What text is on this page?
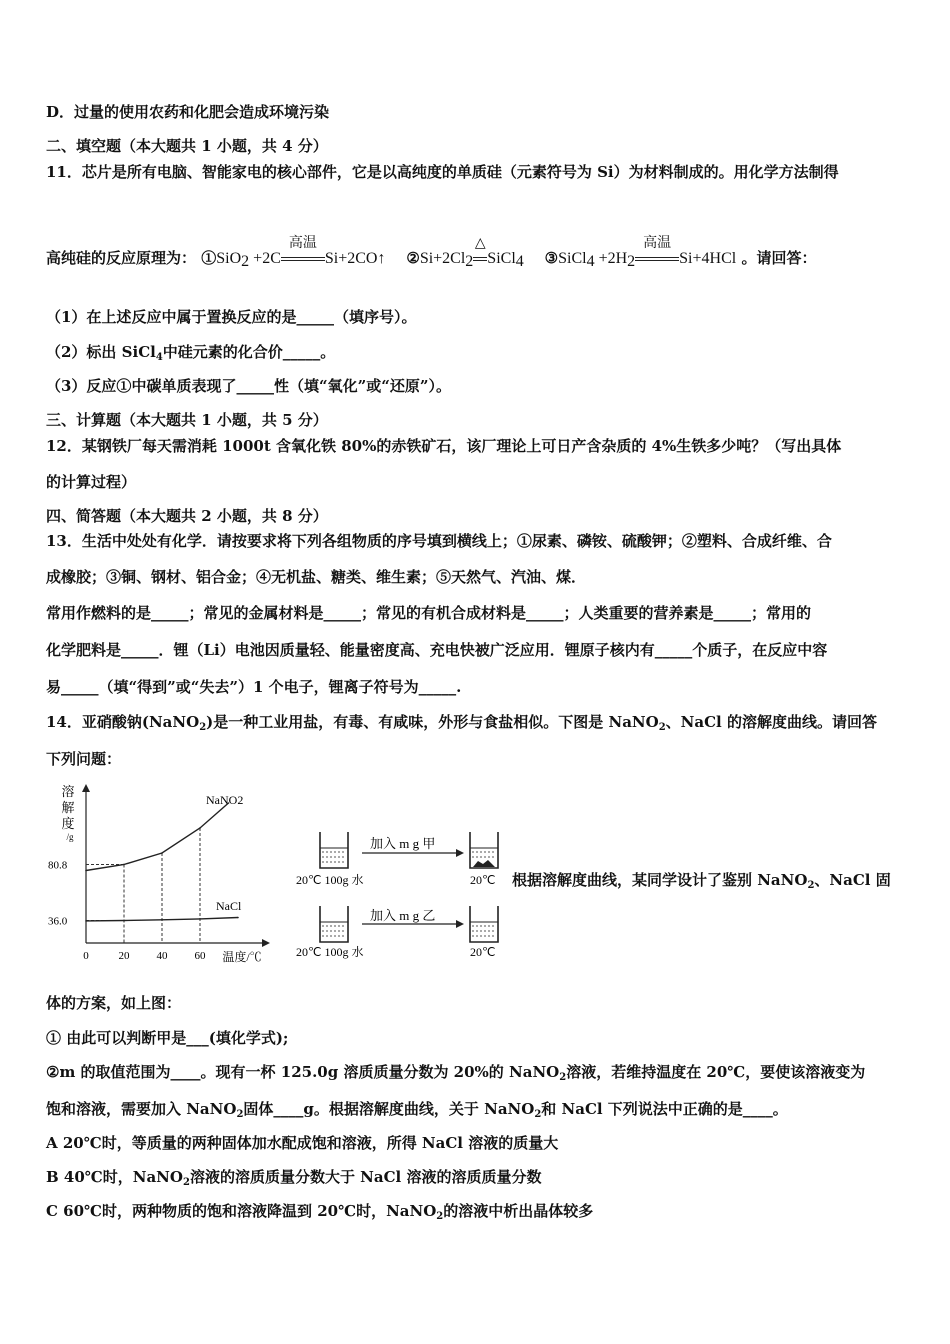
D．过量的使用农药和化肥会造成环境污染
二、填空题（本大题共 1 小题，共 4 分）
11．芯片是所有电脑、智能家电的核心部件，它是以高纯度的单质硅（元素符号为 Si）为材料制成的。用化学方法制得
高纯硅的反应原理为： ①SiO2 +2C
高温
Si+2CO↑ ②Si+2Cl2
△
SiCl4 ③SiCl4 +2H2
高温
Si+4HCl 。请回答：
（1）在上述反应中属于置换反应的是_____（填序号）。
（2）标出 SiCl$_4$中硅元素的化合价_____。
（3）反应①中碳单质表现了_____性（填“氧化”或“还原”）。
三、计算题（本大题共 1 小题，共 5 分）
12．某钢铁厂每天需消耗 1000t 含氧化铁 80%的赤铁矿石，该厂理论上可日产含杂质的 4%生铁多少吨？（写出具体
的计算过程）
四、简答题（本大题共 2 小题，共 8 分）
13．生活中处处有化学．请按要求将下列各组物质的序号填到横线上；①尿素、磷铵、硫酸钾；②塑料、合成纤维、合
成橡胶；③铜、钢材、铝合金；④无机盐、糖类、维生素；⑤天然气、汽油、煤．
常用作燃料的是_____；常见的金属材料是_____；常见的有机合成材料是_____；人类重要的营养素是_____；常用的
化学肥料是_____．锂（Li）电池因质量轻、能量密度高、充电快被广泛应用．锂原子核内有_____个质子，在反应中容
易_____（填“得到”或“失去”）1 个电子，锂离子符号为_____.
14．亚硝酸钠(NaNO$_2$)是一种工业用盐，有毒、有咸味，外形与食盐相似。下图是 NaNO$_2$、NaCl 的溶解度曲线。请回答
下列问题：
溶
解
度
/g
0	20 40 60 温度/℃
36.0
80.8
NaNO2
NaCl
加入 m g 甲
20℃ 100g 水	20℃
加入 m g 乙
20℃ 100g 水	20℃
根据溶解度曲线，某同学设计了鉴别 NaNO$_2$、NaCl 固
体的方案，如上图：
① 由此可以判断甲是___(填化学式);
②m 的取值范围为____。现有一杯 125.0g 溶质质量分数为 20%的 NaNO$_2$溶液，若维持温度在 20℃，要使该溶液变为
饱和溶液，需要加入 NaNO$_2$固体____g。根据溶解度曲线，关于 NaNO$_2$和 NaCl 下列说法中正确的是____。
A 20℃时，等质量的两种固体加水配成饱和溶液，所得 NaCl 溶液的质量大
B 40℃时，NaNO$_2$溶液的溶质质量分数大于 NaCl 溶液的溶质质量分数
C 60℃时，两种物质的饱和溶液降温到 20℃时，NaNO$_2$的溶液中析出晶体较多
